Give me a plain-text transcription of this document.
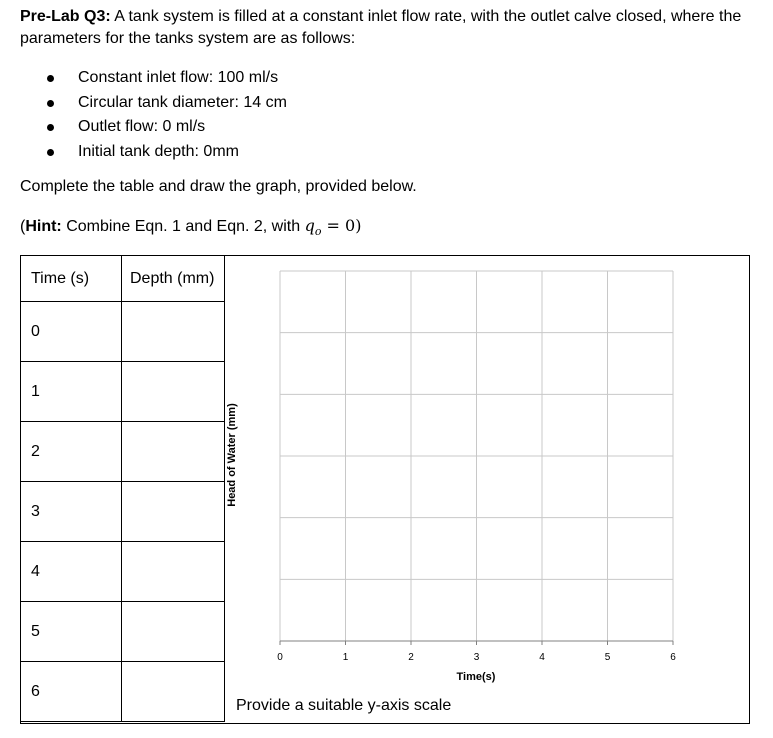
Pre-Lab Q3: A tank system is filled at a constant inlet flow rate, with the outlet calve closed, where the parameters for the tanks system are as follows:
Constant inlet flow: 100 ml/s
Circular tank diameter: 14 cm
Outlet flow: 0 ml/s
Initial tank depth: 0mm
Complete the table and draw the graph, provided below.
(Hint: Combine Eqn. 1 and Eqn. 2, with $q_o = 0$)
Time (s)	Depth (mm)
0	
1	
2	
3	
4	
5	
6	
0	1	2	3	4	5	6
Head of Water (mm)
Time(s)
Provide a suitable y-axis scale
